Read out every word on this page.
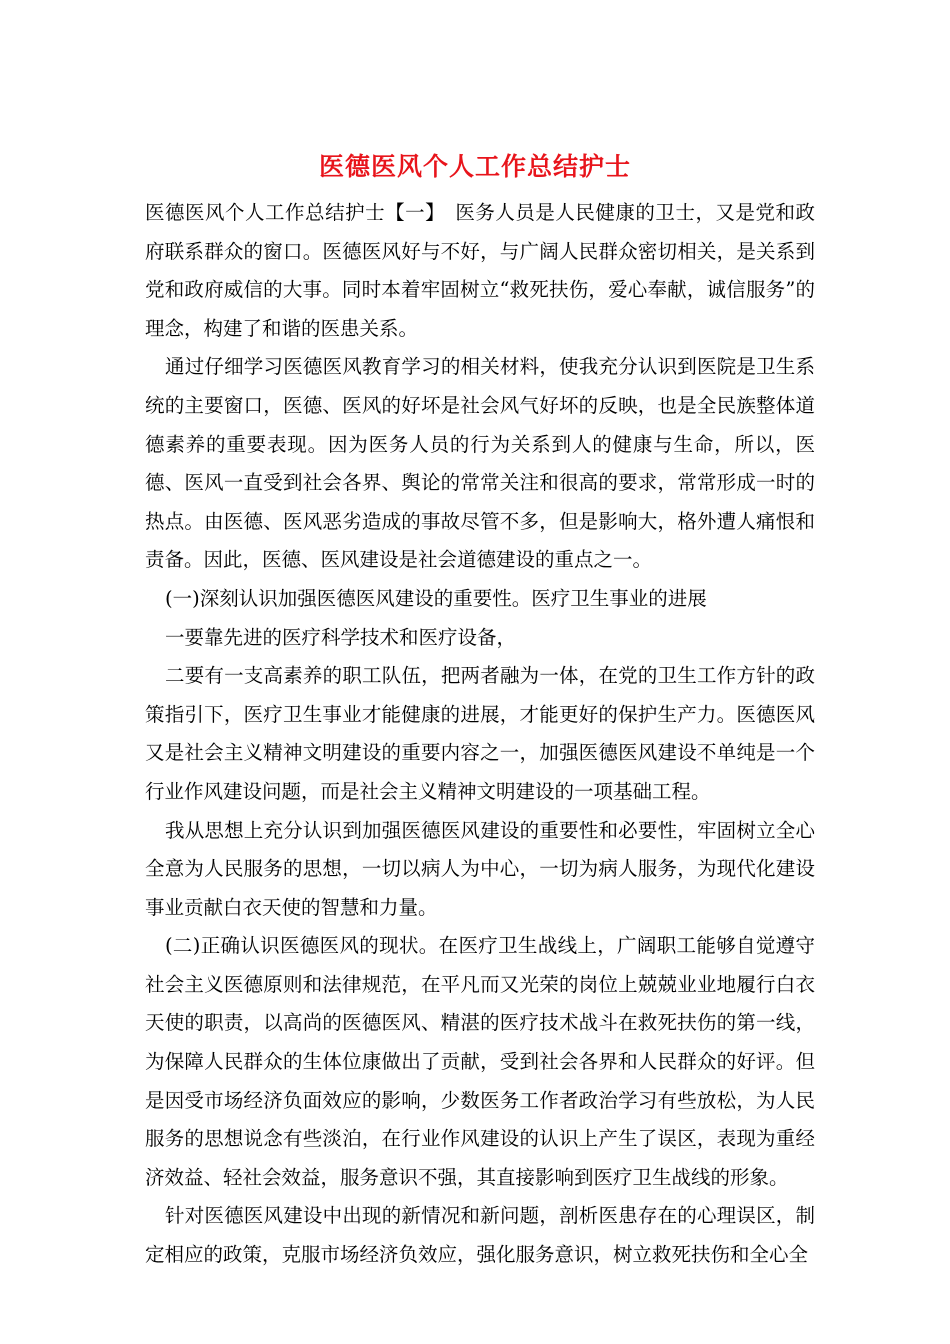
医德医风个人工作总结护士

医德医风个人工作总结护士【一】　医务人员是人民健康的卫士，又是党和政府联系群众的窗口。医德医风好与不好，与广阔人民群众密切相关，是关系到党和政府威信的大事。同时本着牢固树立“救死扶伤，爱心奉献，诚信服务”的理念，构建了和谐的医患关系。

通过仔细学习医德医风教育学习的相关材料，使我充分认识到医院是卫生系统的主要窗口，医德、医风的好坏是社会风气好坏的反映，也是全民族整体道德素养的重要表现。因为医务人员的行为关系到人的健康与生命，所以，医德、医风一直受到社会各界、舆论的常常关注和很高的要求，常常形成一时的热点。由医德、医风恶劣造成的事故尽管不多，但是影响大，格外遭人痛恨和责备。因此，医德、医风建设是社会道德建设的重点之一。

(一)深刻认识加强医德医风建设的重要性。医疗卫生事业的进展

一要靠先进的医疗科学技术和医疗设备，

二要有一支高素养的职工队伍，把两者融为一体，在党的卫生工作方针的政策指引下，医疗卫生事业才能健康的进展，才能更好的保护生产力。医德医风又是社会主义精神文明建设的重要内容之一，加强医德医风建设不单纯是一个行业作风建设问题，而是社会主义精神文明建设的一项基础工程。

我从思想上充分认识到加强医德医风建设的重要性和必要性，牢固树立全心全意为人民服务的思想，一切以病人为中心，一切为病人服务，为现代化建设事业贡献白衣天使的智慧和力量。

(二)正确认识医德医风的现状。在医疗卫生战线上，广阔职工能够自觉遵守社会主义医德原则和法律规范，在平凡而又光荣的岗位上兢兢业业地履行白衣天使的职责，以高尚的医德医风、精湛的医疗技术战斗在救死扶伤的第一线，为保障人民群众的生体位康做出了贡献，受到社会各界和人民群众的好评。但是因受市场经济负面效应的影响，少数医务工作者政治学习有些放松，为人民服务的思想说念有些淡泊，在行业作风建设的认识上产生了误区，表现为重经济效益、轻社会效益，服务意识不强，其直接影响到医疗卫生战线的形象。

针对医德医风建设中出现的新情况和新问题，剖析医患存在的心理误区，制定相应的政策，克服市场经济负效应，强化服务意识，树立救死扶伤和全心全
